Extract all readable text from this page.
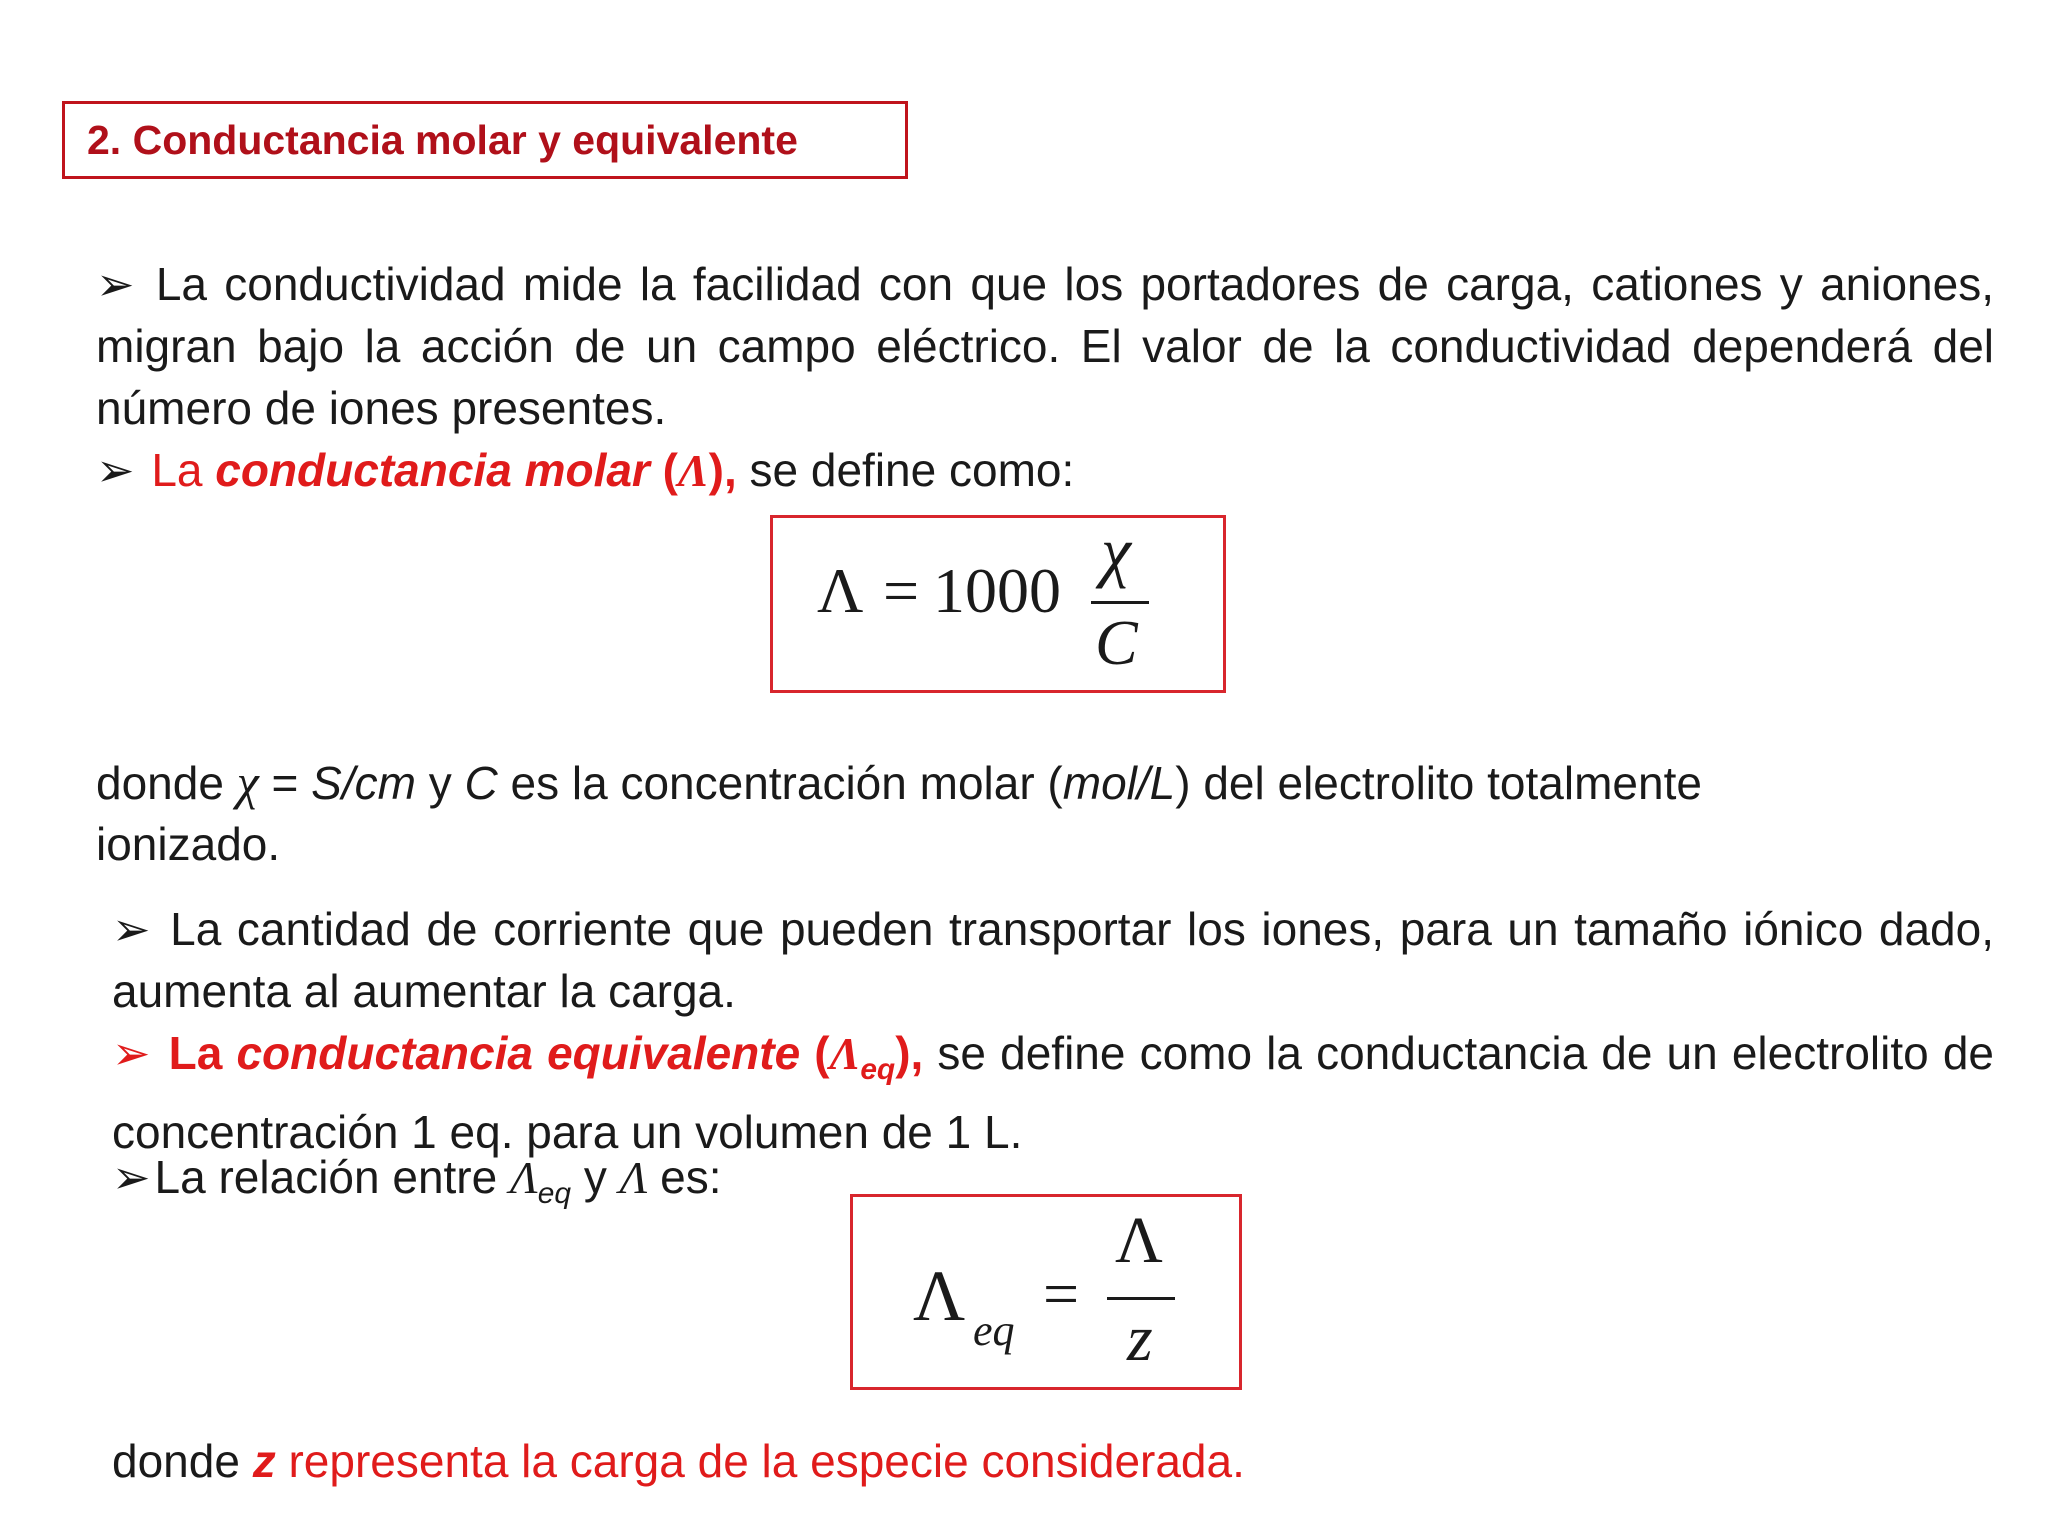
2. Conductancia molar y equivalente

➢ La conductividad mide la facilidad con que los portadores de carga, cationes y aniones, migran bajo la acción de un campo eléctrico. El valor de la conductividad dependerá del número de iones presentes.

➢ La conductancia molar (Λ), se define como:
Λ = 1000
χ
C
donde χ = S/cm y C es la concentración molar (mol/L) del electrolito totalmente
ionizado.

➢ La cantidad de corriente que pueden transportar los iones, para un tamaño iónico dado, aumenta al aumentar la carga.

➢ La conductancia equivalente $(\Lambda_{eq})$, se define como la conductancia de un electrolito de concentración 1 eq. para un volumen de 1 L.

➢La relación entre $\Lambda_{eq}$ y Λ es:
Λ eq
=
Λ
z
donde z representa la carga de la especie considerada.
